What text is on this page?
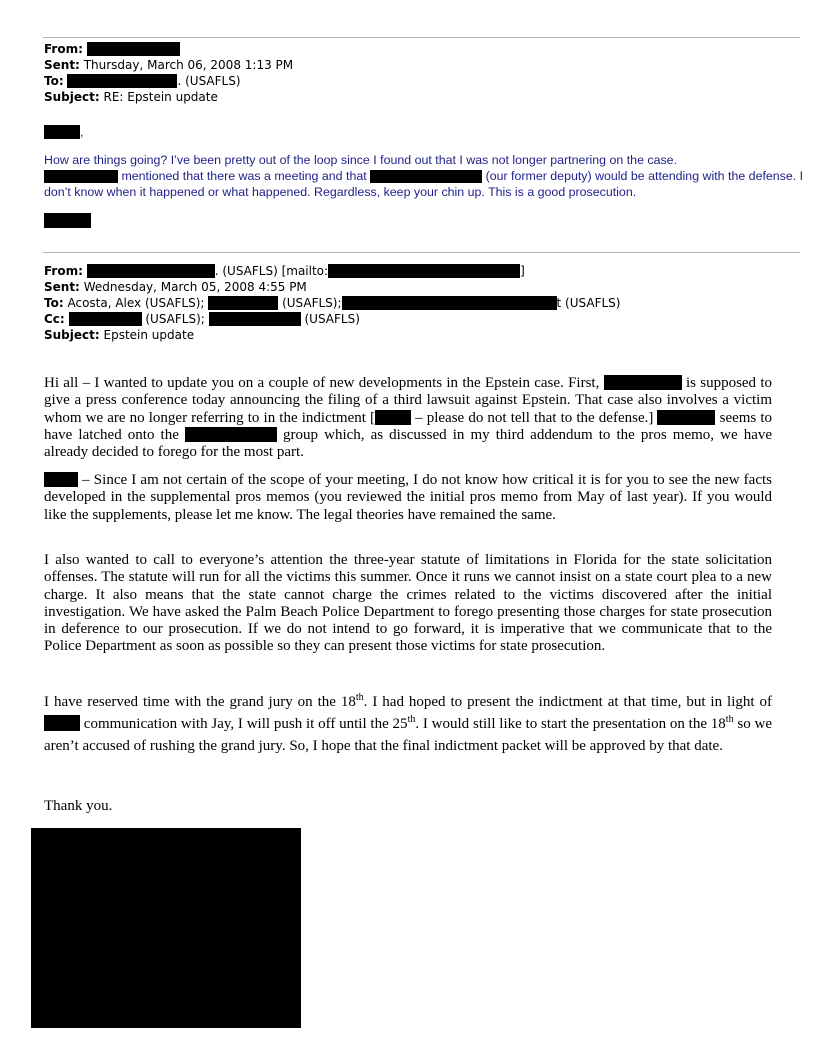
From:

Sent: Thursday, March 06, 2008 1:13 PM

To:	. (USAFLS)

Subject: RE: Epstein update

,

How are things going? I’ve been pretty out of the loop since I found out that I was not longer partnering on the case.
mentioned that there was a meeting and that	(our former deputy) would be attending with the defense. I don’t know when it happened or what happened. Regardless, keep your chin up. This is a good prosecution.

From:	. (USAFLS) [mailto:	]

Sent: Wednesday, March 05, 2008 4:55 PM

To: Acosta, Alex (USAFLS);	(USAFLS);	t (USAFLS)

Cc:	(USAFLS);	(USAFLS)

Subject: Epstein update

Hi all – I wanted to update you on a couple of new developments in the Epstein case. First,	is supposed to give a press conference today announcing the filing of a third lawsuit against Epstein. That case also involves a victim whom we are no longer referring to in the indictment [	– please do not tell that to the defense.]	seems to have latched onto the	group which, as discussed in my third addendum to the pros memo, we have already decided to forego for the most part.

– Since I am not certain of the scope of your meeting, I do not know how critical it is for you to see the new facts developed in the supplemental pros memos (you reviewed the initial pros memo from May of last year). If you would like the supplements, please let me know. The legal theories have remained the same.

I also wanted to call to everyone’s attention the three-year statute of limitations in Florida for the state solicitation offenses. The statute will run for all the victims this summer. Once it runs we cannot insist on a state court plea to a new charge. It also means that the state cannot charge the crimes related to the victims discovered after the initial investigation. We have asked the Palm Beach Police Department to forego presenting those charges for state prosecution in deference to our prosecution. If we do not intend to go forward, it is imperative that we communicate that to the Police Department as soon as possible so they can present those victims for state prosecution.

I have reserved time with the grand jury on the 18th. I had hoped to present the indictment at that time, but in light of  communication with Jay, I will push it off until the 25th. I would still like to start the presentation on the 18th so we aren’t accused of rushing the grand jury. So, I hope that the final indictment packet will be approved by that date.

Thank you.
